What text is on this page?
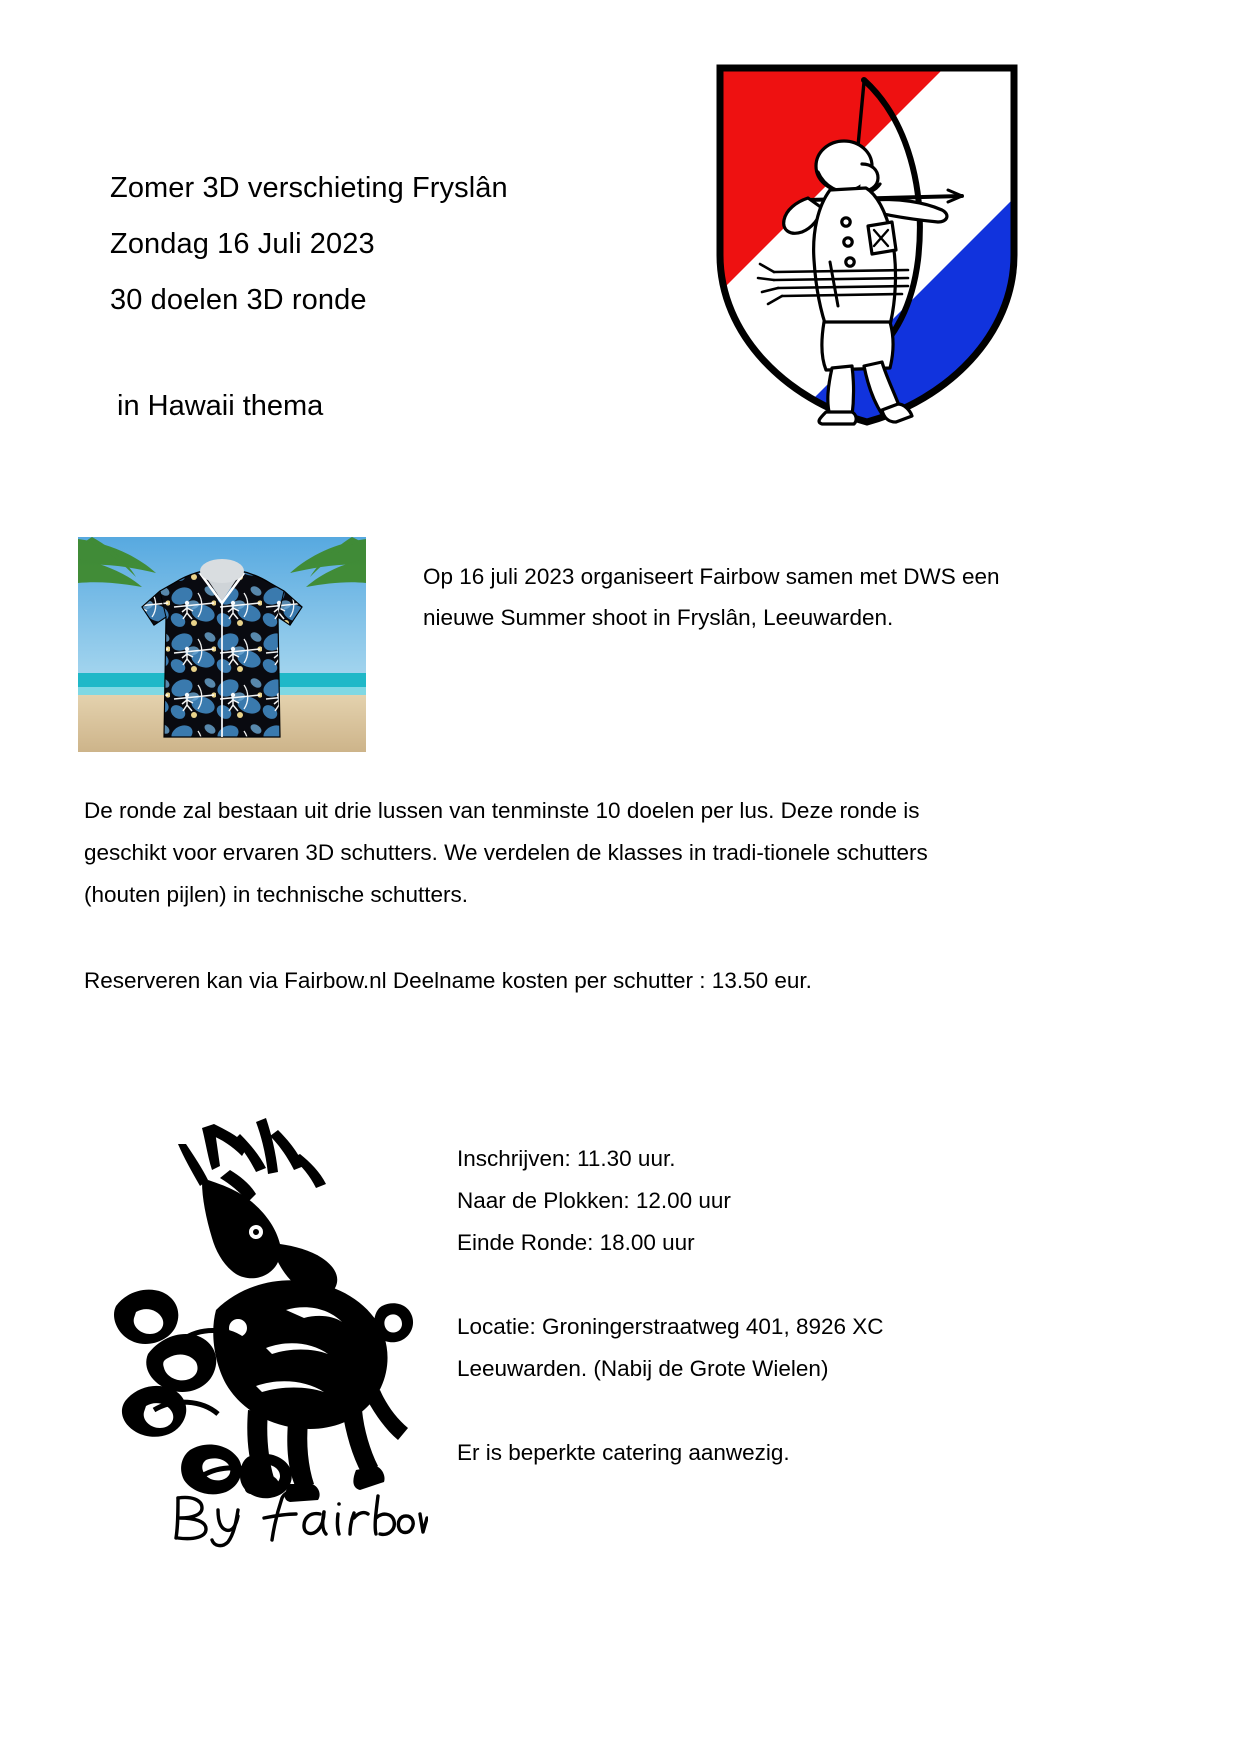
Zomer 3D verschieting Fryslân
Zondag 16 Juli 2023
30 doelen 3D ronde
in Hawaii thema
Op 16 juli 2023 organiseert Fairbow samen met DWS een nieuwe Summer shoot in Fryslân, Leeuwarden.
De ronde zal bestaan uit drie lussen van tenminste 10 doelen per lus. Deze ronde is geschikt voor ervaren 3D schutters. We verdelen de klasses in tradi-tionele schutters (houten pijlen) in technische schutters.
Reserveren kan via Fairbow.nl Deelname kosten per schutter : 13.50 eur.
Inschrijven: 11.30 uur.
Naar de Plokken: 12.00 uur
Einde Ronde: 18.00 uur
Locatie: Groningerstraatweg 401, 8926 XC
Leeuwarden. (Nabij de Grote Wielen)
Er is beperkte catering aanwezig.
